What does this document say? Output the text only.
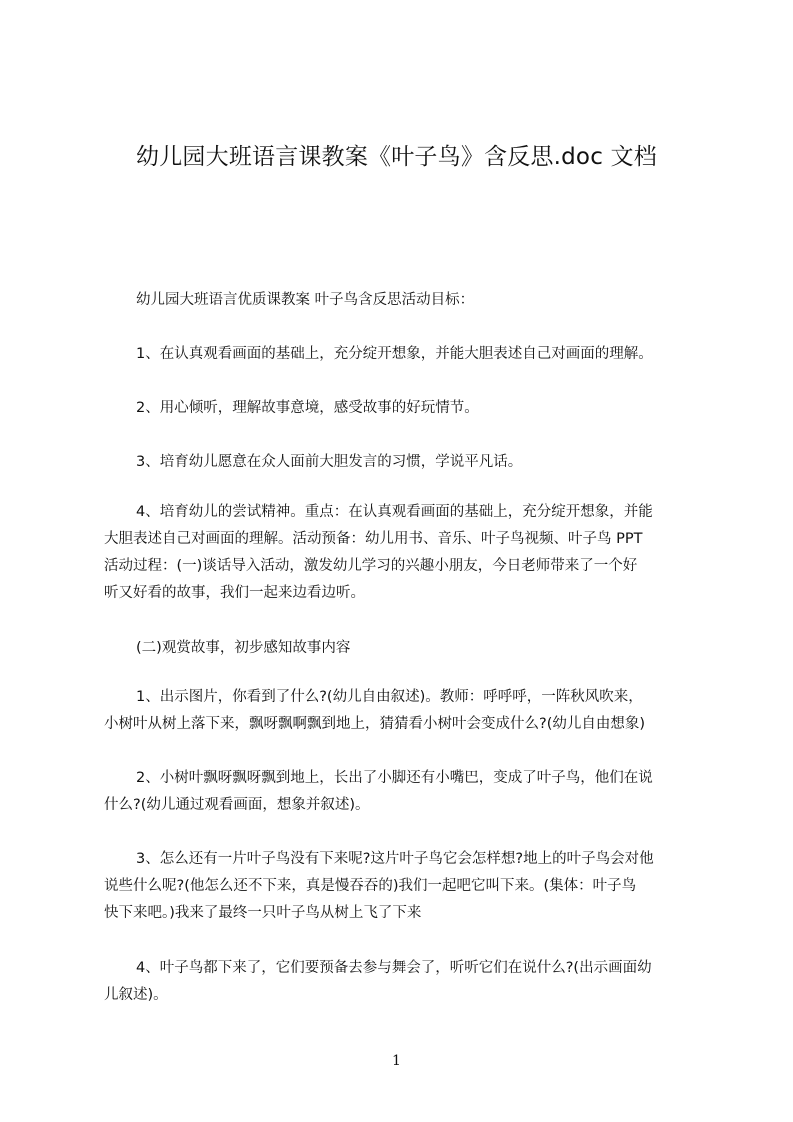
幼儿园大班语言课教案《叶子鸟》含反思.doc 文档
幼儿园大班语言优质课教案 叶子鸟含反思活动目标：
1、在认真观看画面的基础上，充分绽开想象，并能大胆表述自己对画面的理解。
2、用心倾听，理解故事意境，感受故事的好玩情节。
3、培育幼儿愿意在众人面前大胆发言的习惯，学说平凡话。
4、培育幼儿的尝试精神。重点：在认真观看画面的基础上，充分绽开想象，并能
大胆表述自己对画面的理解。活动预备：幼儿用书、音乐、叶子鸟视频、叶子鸟 PPT
活动过程：(一)谈话导入活动，激发幼儿学习的兴趣小朋友，今日老师带来了一个好
听又好看的故事，我们一起来边看边听。
(二)观赏故事，初步感知故事内容
1、出示图片，你看到了什么?(幼儿自由叙述)。教师：呼呼呼，一阵秋风吹来，
小树叶从树上落下来，飘呀飘啊飘到地上，猜猜看小树叶会变成什么?(幼儿自由想象)
2、小树叶飘呀飘呀飘到地上，长出了小脚还有小嘴巴，变成了叶子鸟，他们在说
什么?(幼儿通过观看画面，想象并叙述)。
3、怎么还有一片叶子鸟没有下来呢?这片叶子鸟它会怎样想?地上的叶子鸟会对他
说些什么呢?(他怎么还不下来，真是慢吞吞的)我们一起吧它叫下来。(集体：叶子鸟
快下来吧。)我来了最终一只叶子鸟从树上飞了下来
4、叶子鸟都下来了，它们要预备去参与舞会了，听听它们在说什么?(出示画面幼
儿叙述)。
1
